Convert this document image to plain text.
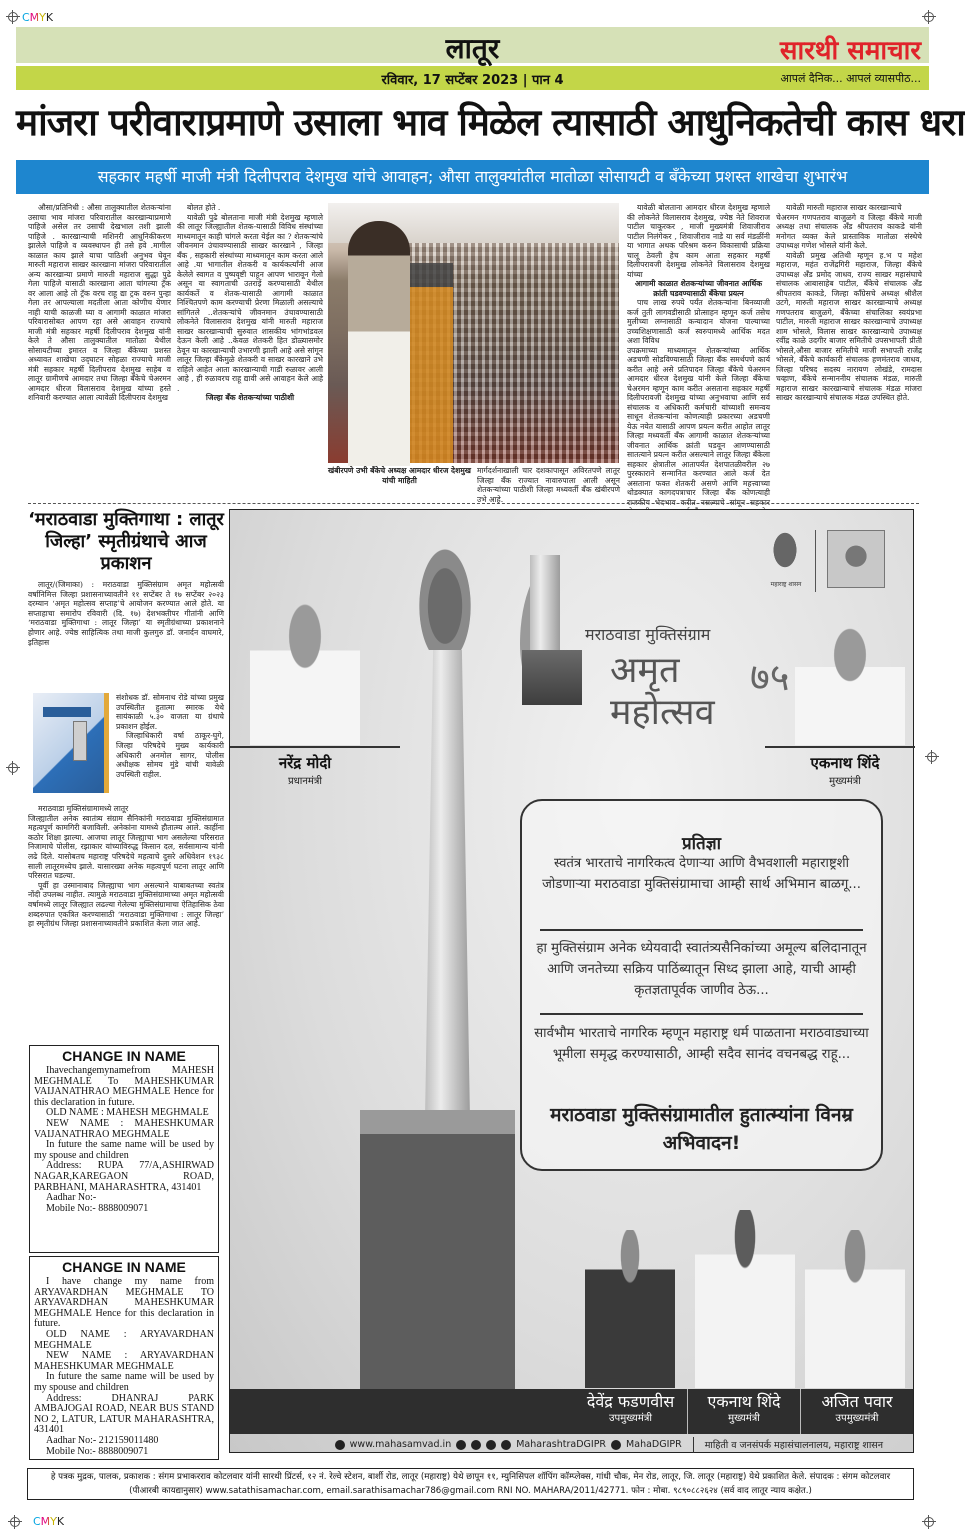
CMYK
CMYK
लातूर	सारथी समाचार
रविवार, 17 सप्टेंबर 2023 | पान 4	आपलं दैनिक... आपलं व्यासपीठ...
मांजरा परीवाराप्रमाणे उसाला भाव मिळेल त्यासाठी आधुनिकतेची कास धरा
सहकार महर्षी माजी मंत्री दिलीपराव देशमुख यांचे आवाहन; औसा तालुक्यांतील मातोळा सोसायटी व बँकेच्या प्रशस्त शाखेचा शुभारंभ

औसा/प्रतिनिधी : औसा तालुक्यातील शेतकऱ्यांना उसाचा भाव मांजरा परिवारातील कारखान्याप्रमाणे पाहिजे असेल तर उसाची देखभाल तशी झाली पाहिजे . कारखान्याची मशिनरी आधुनिकीकरण झालेले पाहिजे व व्यवस्थापन ही तसे हवे .मागील काळात काय झाले याचा पाठिशी अनुभव घेवून मारुती महाराज साखर कारखाना मांजरा परिवारातील अन्य कारखान्या प्रमाणे मारुती महाराज सुद्धा पुढे गेला पाहिजे यासाठी कारखाना आता चांगल्या ट्रॅक वर आला आहे तो ट्रॅक वरच राहू द्या ट्रक वरुन पुन्हा गेला तर आपल्याला मदतीला आता कोणीच येणार नाही याची काळजी घ्या व आगामी काळात मांजरा परिवारासोबत आपण रहा असे आवाहन राज्याचे माजी मंत्री सहकार महर्षी दिलीपराव देशमुख यांनी केले ते औसा तालुक्यातील मातोळा येथील सोसायटीच्या इमारत व जिल्हा बँकेच्या प्रशस्त अध्यावत शाखेचा उद्‌घाटन सोहळा राज्याचे माजी मंत्री सहकार महर्षी दिलीपराव देशमुख साहेब व लातूर ग्रामीणचे आमदार तथा जिल्हा बँकेचे चेअरमन आमदार धीरज विलासराव देशमुख यांच्या हस्ते शनिवारी करण्यात आला त्यावेळी दिलीपराव देशमुख

बोलत होते .

यावेळी पुढे बोलताना माजी मंत्री देशमुख म्हणाले की लातूर जिल्ह्यातील शेतक-यासाठी विविध संस्थांच्या माध्यमातून काही चांगले करता येईल का ? शेतकऱ्यांचे जीवनमान उंचावण्यासाठी साखर कारखाने , जिल्हा बँक , सहकारी संस्थांच्या माध्यमातून काम करता आले आहे .या भागातील शेतकरी व कार्यकर्त्यांनी आज केलेले स्वागत व पुष्पवृष्टी पाहून आपण भारावून गेलो असून या स्वागताची उतराई करण्यासाठी येथील कार्यकर्ते व शेतक-यासाठी आगामी काळात निश्चितपणे काम करण्याची प्रेरणा मिळाली असल्याचे सांगितले ..शेतकऱ्यांचे जीवनमान उंचावण्यासाठी लोकनेते विलासराव देशमुख यांनी मारुती महाराज साखर कारखान्याची सुरुवात शासकीय भांगभांडवल देऊन केली आहे ..केवळ शेतकरी हित डोळ्यासमोर ठेवून या कारखान्याची उभारणी झाली आहे असे सांगून लातूर जिल्हा बँकेमुळे शेतकरी व साखर कारखाने उभे राहिले आहेत आता कारखान्याची गाडी रुळावर आली आहे , ही रुळावरच राहू द्यावी असे आवाहन केले आहे .

जिल्हा बँक शेतकऱ्यांच्या पाठीशी

खंबीरपणे उभी बँकेचे अध्यक्ष आमदार धीरज देशमुख यांची माहिती

मार्गदर्शनाखाली चार दशकापासून अविरतपणे लातूर जिल्हा बँक राज्यात नावारुपाला आली असून शेतकऱ्यांच्या पाठीशी जिल्हा मध्यवर्ती बँक खंबीरपणे उभे आहे.

यावेळी बोलताना आमदार धीरज देशमुख म्हणाले की लोकनेते विलासराव देशमुख, ज्येष्ठ नेते शिवराज पाटील चाकूरकर , माजी मुख्यमंत्री शिवाजीराव पाटील निलंगेकर , शिवाजीराव नाडे या सर्व मंडळींनी या भागात अथक परिश्रम करुन विकासाची प्रक्रिया चालू ठेवली हेच काम आता सहकार महर्षी दिलीपरावजी देशमुख लोकनेते विलासराव देशमुख यांच्या

आगामी काळात शेतकऱ्यांच्या जीवनात आर्थिक क्रांती घडवण्यासाठी बँकेचा प्रयत्न

पाच लाख रुपये पर्यंत शेतकऱ्यांना बिनव्याजी कर्ज तुती लागवडीसाठी प्रोत्साहन म्हणून कर्ज तसेच मुलीच्या लग्नासाठी कन्यादान योजना पाल्याच्या उच्चशिक्षणासाठी कर्ज स्वरुपामध्ये आर्थिक मदत अशा विविध

उपक्रमाच्या माध्यमातून शेतकऱ्यांच्या आर्थिक अडचणी सोडविण्यासाठी जिल्हा बँक समर्थपणे कार्य करीत आहे असे प्रतिपादन जिल्हा बँकेचे चेअरमन आमदार धीरज देशमुख यांनी केले जिल्हा बँकेचा चेअरमन म्हणून काम करीत असताना सहकार महर्षी दिलीपरावजी देशमुख यांच्या अनुभवाचा आणि सर्व संचालक व अधिकारी कर्मचारी यांच्याशी समन्वय साधून शेतकऱ्यांना कोणत्याही प्रकारच्या अडचणी येऊ नयेत यासाठी आपण प्रयत्न करीत आहोत लातूर जिल्हा मध्यवर्ती बँक आगामी काळात शेतकऱ्यांच्या जीवनात आर्थिक क्रांती घडवून आणण्यासाठी सातत्याने प्रयत्न करीत असल्याने लातूर जिल्हा बँकेला सहकार क्षेत्रातील आतापर्यंत देशपातळीवरील २७ पुरस्काराने सन्मानित करण्यात आले कर्ज देत असताना फक्त शेतकरी असणे आणि महत्त्वाच्या थोडक्यात कागदपत्राचार जिल्हा बँक कोणत्याही राजकीय भेदभाव करीत नसल्याचे सांगून सहकार

यावेळी मारुती महाराज साखर कारखान्याचे

चेअरमन गणपतराव बाजुळगे व जिल्हा बँकेचे माजी अध्यक्ष तथा संचालक अँड श्रीपतराव काकडे यांनी मनोगत व्यक्त केले प्रास्ताविक मातोळा संस्थेचे उपाध्यक्ष गणेश भोसले यांनी केले.

यावेळी प्रमुख अतिथी म्हणून ह.भ प महेश महाराज, महंत राजेंद्रगिरी महाराज, जिल्हा बँकेचे उपाध्यक्ष अँड प्रमोद जाधव, राज्य साखर महासंघाचे संचालक आबासाहेब पाटील, बँकेचे संचालक अँड श्रीपतराव काकडे, जिल्हा काँग्रेसचे अध्यक्ष श्रीशैल उटगे, मारुती महाराज साखर कारखान्याचे अध्यक्ष गणपतराव बाजुळगे, बँकेच्या संचालिका स्वयंप्रभा पाटील, मारुती महाराज साखर कारखान्याचे उपाध्यक्ष शाम भोसले, विलास साखर कारखान्याचे उपाध्यक्ष रवींद्र काळे उदगीर बाजार समितीचे उपसभापती प्रीती भोसले,औसा बाजार समितीचे माजी सभापती राजेंद्र भोसले, बँकेचे कार्यकारी संचालक हणमंतराव जाधव, जिल्हा परिषद सदस्य नारायण लोखंडे, रामदास चव्हाण, बँकेचे सन्माननीय संचालक मंडळ, मारुती महाराज साखर कारखान्याचे संचालक मंडळ मांजरा साखर कारखान्याचे संचालक मंडळ उपस्थित होते.

‘मराठवाडा मुक्तिगाथा : लातूर जिल्हा’ स्मृतीग्रंथाचे आज प्रकाशन

लातूर/(जिमाका) : मराठवाडा मुक्तिसंग्राम अमृत महोत्सवी वर्षानिमित्त जिल्हा प्रशासनाच्यावतीने ११ सप्टेंबर ते १७ सप्टेंबर २०२३ दरम्यान ‘अमृत महोत्सव सप्ताह’चे आयोजन करण्यात आले होते. या सप्ताहाचा समारोप रविवारी (दि. १७) देशभक्तीपर गीतांनी आणि ‘मराठवाडा मुक्तिगाथा : लातूर जिल्हा’ या स्मृतीग्रंथाच्या प्रकाशनाने होणार आहे. ज्येष्ठ साहित्यिक तथा माजी कुलगुरु डॉ. जनार्दन वाघमारे, इतिहास

संशोधक डॉ. सोमनाथ रोडे यांच्या प्रमुख उपस्थितीत हुतात्मा स्मारक येथे सायंकाळी ५.३० वाजता या ग्रंथाचे प्रकाशन होईल.

जिल्हाधिकारी वर्षा ठाकूर-घुगे, जिल्हा परिषदेचे मुख्य कार्यकारी अधिकारी अनमोल सागर, पोलीस अधीक्षक सोमय मुंडे यांची यावेळी उपस्थिती राहील.

मराठवाडा मुक्तिसंग्रामामध्ये लातूर

जिल्ह्यातील अनेक स्वातंत्र्य संग्राम सैनिकांनी मराठवाडा मुक्तिसंग्रामात महत्वपूर्ण कामगिरी बजाविली. अनेकांना यामध्ये हौतात्म्य आले. काहींना कठोर शिक्षा झाल्या. आजचा लातूर जिल्ह्याचा भाग असलेल्या परिसरात निजामाचे पोलीस, रझाकार यांच्याविरुद्ध किसान दल, सर्वसामान्य यांनी लढे दिले. यासोबतच महाराष्ट्र परिषदेचे महत्वाचे दुसरे अधिवेशन १९३८ साली लातूरमध्येच झाले. यासारख्या अनेक महत्वपूर्ण घटना लातूर आणि परिसरात घडल्या.

पूर्वी हा उस्मानाबाद जिल्ह्याचा भाग असल्याने याबाबतच्या स्वतंत्र नोंदी उपलब्ध नाहीत. त्यामुळे मराठवाडा मुक्तिसंग्रामाच्या अमृत महोत्सवी वर्षामध्ये लातूर जिल्ह्यात लढल्या गेलेल्या मुक्तिसंग्रामाचा ऐतिहासिक ठेवा शब्दरुपात एकत्रित करण्यासाठी ‘मराठवाडा मुक्तिगाथा : लातूर जिल्हा’ हा स्मृतीग्रंथ जिल्हा प्रशासनाच्यावतीने प्रकाशित केला जात आहे.

CHANGE IN NAME

Ihavechangemynamefrom MAHESH MEGHMALE To MAHESHKUMAR VAIJANATHRAO MEGHMALE Hence for this declaration in future.

OLD NAME : MAHESH MEGHMALE

NEW NAME : MAHESHKUMAR VAIJANATHRAO MEGHMALE

In future the same name will be used by my spouse and children

Address: RUPA 77/A,ASHIRWAD NAGAR,KAREGAON ROAD, PARBHANI, MAHARASHTRA, 431401

Aadhar No:-

Mobile No:- 8888009071

CHANGE IN NAME

I have change my name from ARYAVARDHAN MEGHMALE TO ARYAVARDHAN MAHESHKUMAR MEGHMALE Hence for this declaration in future.

OLD NAME : ARYAVARDHAN MEGHMALE

NEW NAME : ARYAVARDHAN MAHESHKUMAR MEGHMALE

In future the same name will be used by my spouse and children

Address: DHANRAJ PARK AMBAJOGAI ROAD, NEAR BUS STAND NO 2, LATUR, LATUR MAHARASHTRA, 431401

Aadhar No:- 212159011480

Mobile No:- 8888009071

नरेंद्र मोदी
प्रधानमंत्री
मराठवाडा मुक्तिसंग्राम
अमृत
महोत्सव
७५
महाराष्ट्र शासन
एकनाथ शिंदे
मुख्यमंत्री
प्रतिज्ञा
स्वतंत्र भारताचे नागरिकत्व देणाऱ्या आणि वैभवशाली महाराष्ट्रशी जोडणाऱ्या मराठवाडा मुक्तिसंग्रामाचा आम्ही सार्थ अभिमान बाळगू...
हा मुक्तिसंग्राम अनेक ध्येयवादी स्वातंत्र्यसैनिकांच्या अमूल्य बलिदानातून आणि जनतेच्या सक्रिय पाठिंब्यातून सिध्द झाला आहे, याची आम्ही कृतज्ञतापूर्वक जाणीव ठेऊ...
सार्वभौम भारताचे नागरिक म्हणून महाराष्ट्र धर्म पाळताना मराठवाड्याच्या भूमीला समृद्ध करण्यासाठी, आम्ही सदैव सानंद वचनबद्ध राहू...
मराठवाडा मुक्तिसंग्रामातील हुतात्म्यांना विनम्र अभिवादन!
देवेंद्र फडणवीस
उपमुख्यमंत्री
एकनाथ शिंदे
मुख्यमंत्री
अजित पवार
उपमुख्यमंत्री
www.mahasamvad.in	MaharashtraDGIPR MahaDGIPR माहिती व जनसंपर्क महासंचालनालय, महाराष्ट्र शासन
हे पत्रक मुद्रक, पालक, प्रकाशक : संगम प्रभाकरराव कोटलवार यांनी सारथी प्रिंटर्स, १२ नं. रेल्वे स्टेशन, बार्शी रोड, लातूर (महाराष्ट्र) येथे छापून ११, म्युनिसिपल शॉपिंग कॉम्प्लेक्स, गांधी चौक, मेन रोड, लातूर, जि. लातूर (महाराष्ट्र) येथे प्रकाशित केले. संपादक : संगम कोटलवार
(पीआरबी कायद्यानुसार) www.satathisamachar.com, email.sarathisamachar786@gmail.com RNI NO. MAHARA/2011/42771. फोन : मोबा. ९८९०८८२६२४ (सर्व वाद लातूर न्याय कक्षेत.)
